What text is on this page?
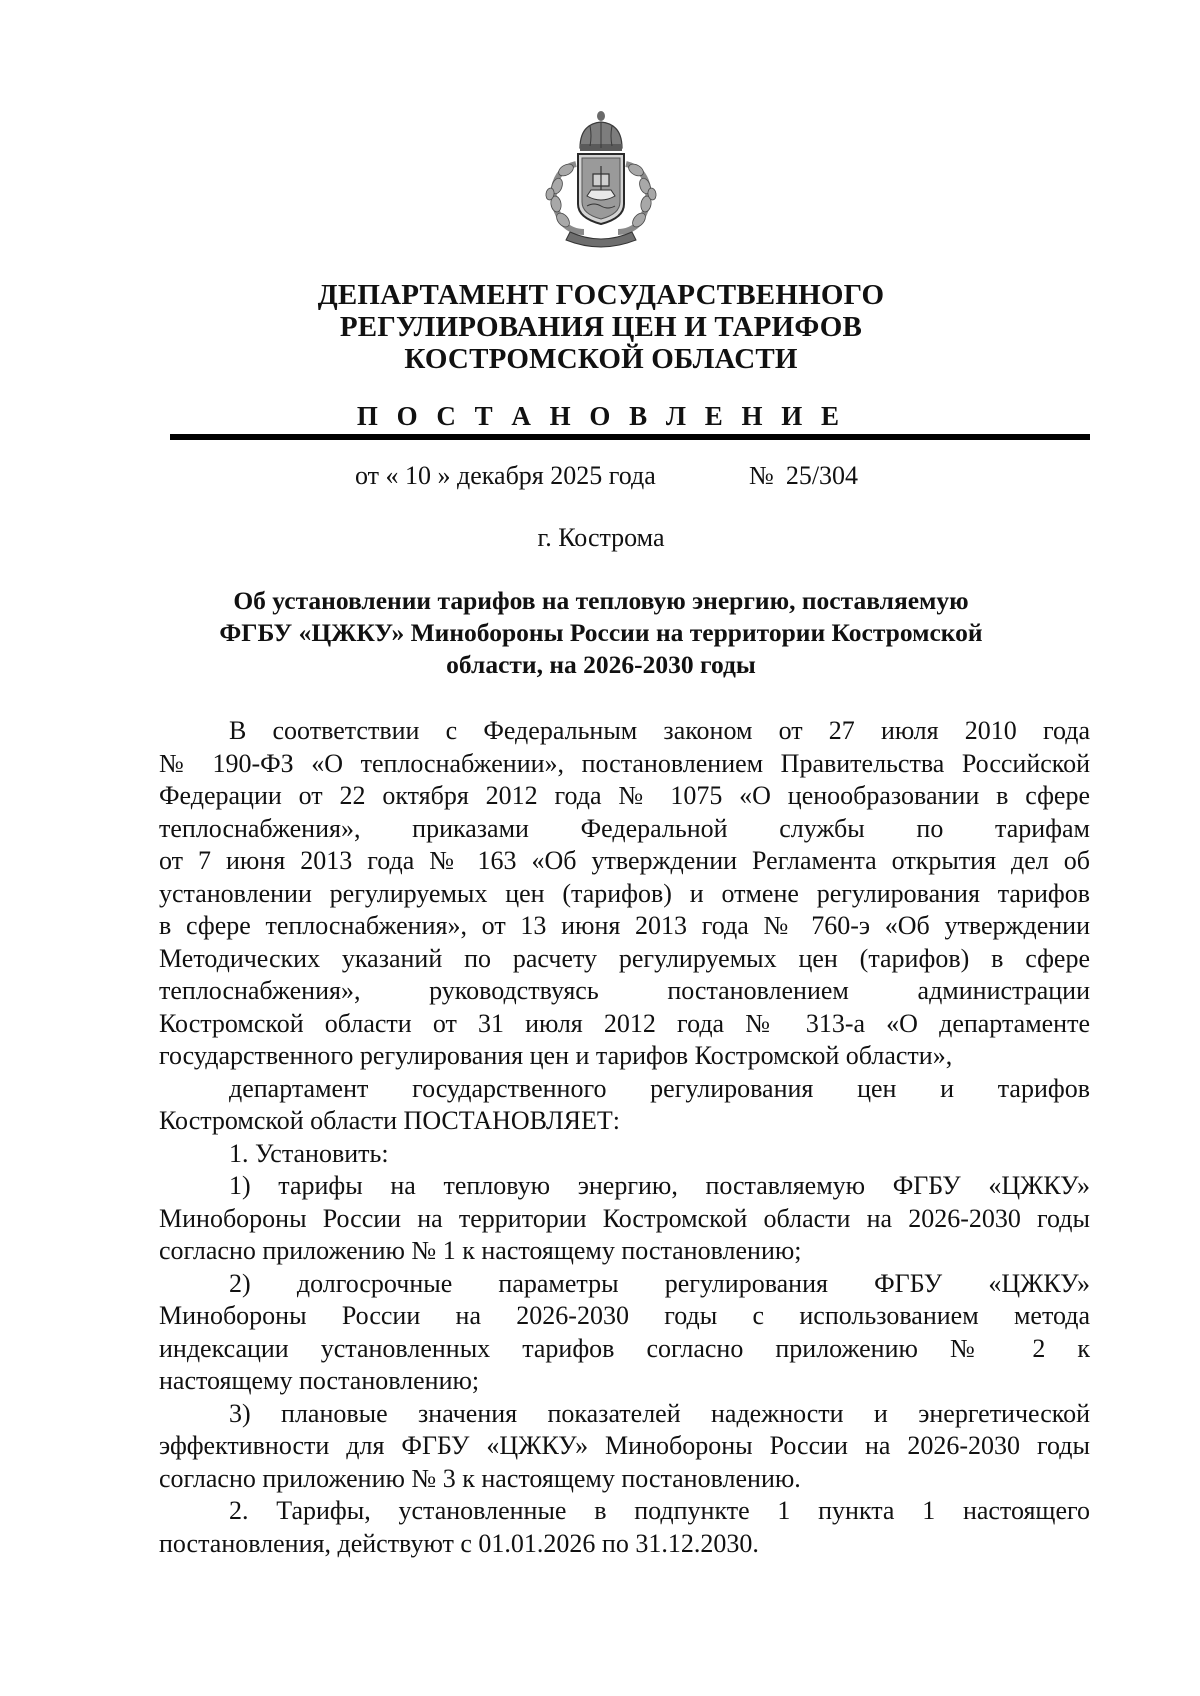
ДЕПАРТАМЕНТ ГОСУДАРСТВЕННОГО
РЕГУЛИРОВАНИЯ ЦЕН И ТАРИФОВ
КОСТРОМСКОЙ ОБЛАСТИ
П О С Т А Н О В Л Е Н И Е
от « 10 » декабря 2025 года	№ 25/304
г. Кострома
Об установлении тарифов на тепловую энергию, поставляемую
ФГБУ «ЦЖКУ» Минобороны России на территории Костромской
области, на 2026-2030 годы
В соответствии с Федеральным законом от 27 июля 2010 года
№ 190-ФЗ «О теплоснабжении», постановлением Правительства Российской
Федерации от 22 октября 2012 года № 1075 «О ценообразовании в сфере
теплоснабжения», приказами Федеральной службы по тарифам
от 7 июня 2013 года № 163 «Об утверждении Регламента открытия дел об
установлении регулируемых цен (тарифов) и отмене регулирования тарифов
в сфере теплоснабжения», от 13 июня 2013 года № 760-э «Об утверждении
Методических указаний по расчету регулируемых цен (тарифов) в сфере
теплоснабжения», руководствуясь постановлением администрации
Костромской области от 31 июля 2012 года № 313-а «О департаменте
государственного регулирования цен и тарифов Костромской области»,
департамент государственного регулирования цен и тарифов
Костромской области ПОСТАНОВЛЯЕТ:
1. Установить:
1) тарифы на тепловую энергию, поставляемую ФГБУ «ЦЖКУ»
Минобороны России на территории Костромской области на 2026-2030 годы
согласно приложению № 1 к настоящему постановлению;
2) долгосрочные параметры регулирования ФГБУ «ЦЖКУ»
Минобороны России на 2026-2030 годы с использованием метода
индексации установленных тарифов согласно приложению № 2 к
настоящему постановлению;
3) плановые значения показателей надежности и энергетической
эффективности для ФГБУ «ЦЖКУ» Минобороны России на 2026-2030 годы
согласно приложению № 3 к настоящему постановлению.
2. Тарифы, установленные в подпункте 1 пункта 1 настоящего
постановления, действуют с 01.01.2026 по 31.12.2030.
